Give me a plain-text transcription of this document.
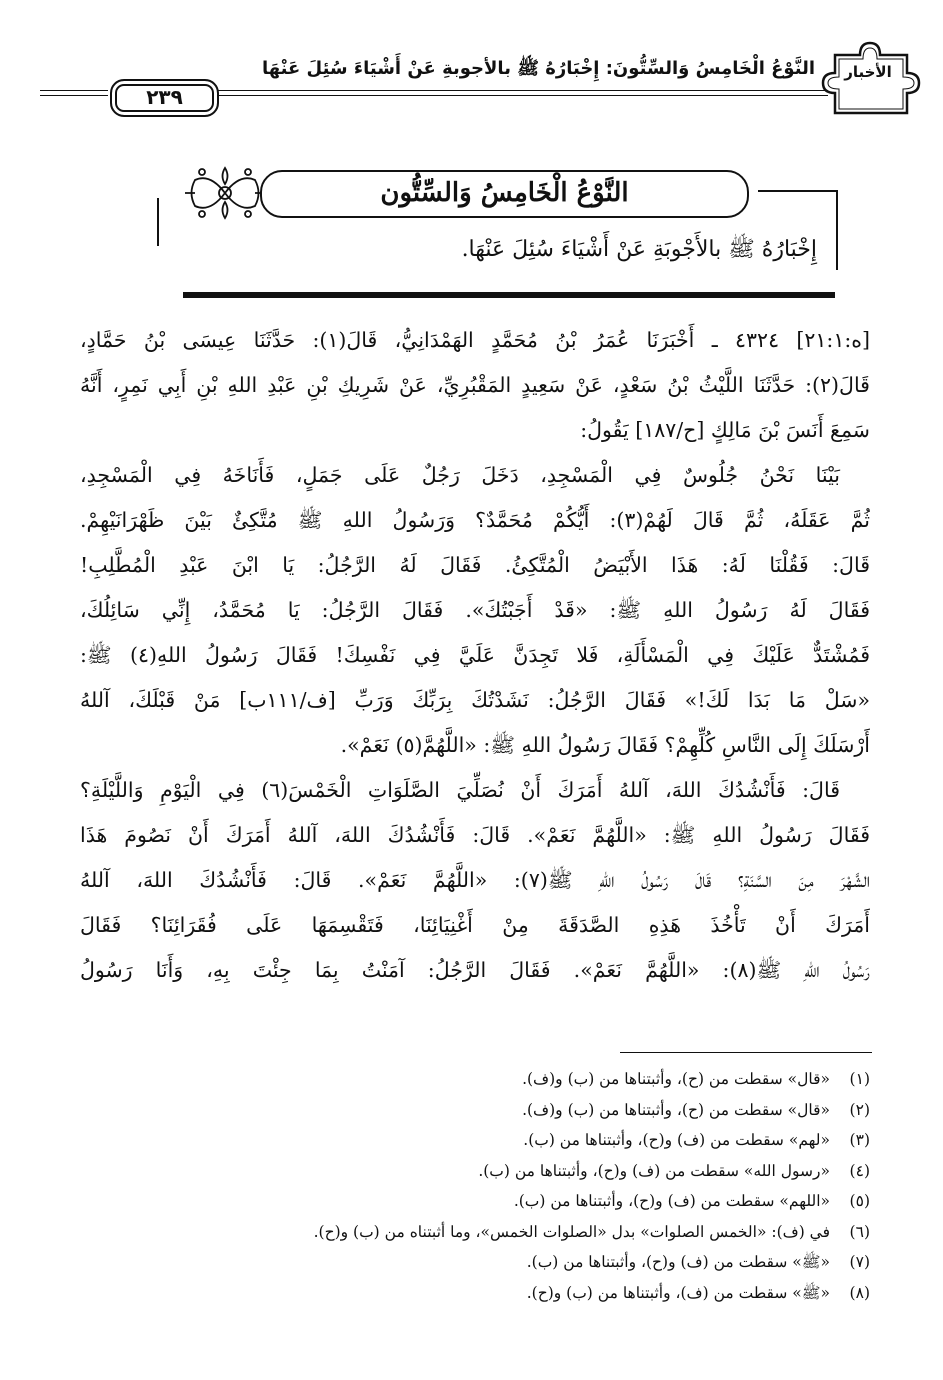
الأخبار
النَّوْعُ الْخَامِسُ وَالسِّتُّونَ: إِخْبَارُهُ ﷺ بالأجوبةِ عَنْ أَشْيَاءَ سُئِلَ عَنْهَا
٢٣٩
النَّوْعُ الْخَامِسُ وَالسِّتُّون
إِخْبَارُهُ ﷺ بالأَجْوبَةِ عَنْ أَشْيَاءَ سُئِلَ عَنْهَا.
[ه:٢١:١] ٤٣٢٤ ـ أَخْبَرَنَا عُمَرُ بْنُ مُحَمَّدٍ الهَمْدَانِيُّ، قَالَ(١): حَدَّثَنَا عِيسَى بْنُ حَمَّادٍ،
قَالَ(٢): حَدَّثَنَا اللَّيْثُ بْنُ سَعْدٍ، عَنْ سَعِيدٍ المَقْبُرِيِّ، عَنْ شَرِيكِ بْنِ عَبْدِ اللهِ بْنِ أَبِي نَمِرٍ، أَنَّهُ
سَمِعَ أَنَسَ بْنَ مَالِكٍ [ح/١٨٧] يَقُولُ:
بَيْنَا نَحْنُ جُلُوسٌ فِي الْمَسْجِدِ، دَخَلَ رَجُلٌ عَلَى جَمَلٍ، فَأَنَاخَهُ فِي الْمَسْجِدِ،
ثُمَّ عَقَلَهُ، ثُمَّ قَالَ لَهُمْ(٣): أَيُّكُمْ مُحَمَّدٌ؟ وَرَسُولُ اللهِ ﷺ مُتَّكِئٌ بَيْنَ ظَهْرَانَيْهِمْ.
قَالَ: فَقُلْنَا لَهُ: هَذَا الأَبْيَضُ الْمُتَّكِئُ. فَقَالَ لَهُ الرَّجُلُ: يَا ابْنَ عَبْدِ الْمُطَّلِبِ!
فَقَالَ لَهُ رَسُولُ اللهِ ﷺ: «قَدْ أَجَبْتُكَ». فَقَالَ الرَّجُلُ: يَا مُحَمَّدُ، إِنِّي سَائِلُكَ،
فَمُشْتَدٌّ عَلَيْكَ فِي الْمَسْأَلَةِ، فَلا تَجِدَنَّ عَلَيَّ فِي نَفْسِكَ! فَقَالَ رَسُولُ اللهِ(٤) ﷺ:
«سَلْ مَا بَدَا لَكَ!» فَقَالَ الرَّجُلُ: نَشَدْتُكَ بِرَبِّكَ وَرَبِّ [ف/١١١ب] مَنْ قَبْلَكَ، آللهُ
أَرْسَلَكَ إِلَى النَّاسِ كُلِّهِمْ؟ فَقَالَ رَسُولُ اللهِ ﷺ: «اللَّهُمَّ(٥) نَعَمْ».
قَالَ: فَأَنْشُدُكَ اللهَ، آللهُ أَمَرَكَ أَنْ نُصَلِّيَ الصَّلَوَاتِ الْخَمْسَ(٦) فِي الْيَوْمِ وَاللَّيْلَةِ؟
فَقَالَ رَسُولُ اللهِ ﷺ: «اللَّهُمَّ نَعَمْ». قَالَ: فَأَنْشُدُكَ اللهَ، آللهُ أَمَرَكَ أَنْ نَصُومَ هَذَا
الشَّهْرَ مِنَ السَّنَةِ؟ قَالَ رَسُولُ اللهِ ﷺ(٧): «اللَّهُمَّ نَعَمْ». قَالَ: فَأَنْشُدُكَ اللهَ، آللهُ
أَمَرَكَ أَنْ تَأْخُذَ هَذِهِ الصَّدَقَةَ مِنْ أَغْنِيَائِنَا، فَتَقْسِمَهَا عَلَى فُقَرَائِنَا؟ فَقَالَ
رَسُولُ اللهِ ﷺ(٨): «اللَّهُمَّ نَعَمْ». فَقَالَ الرَّجُلُ: آمَنْتُ بِمَا جِئْتَ بِهِ، وَأَنَا رَسُولُ
(١)«قال» سقطت من (ح)، وأثبتناها من (ب) و(ف).
(٢)«قال» سقطت من (ح)، وأثبتناها من (ب) و(ف).
(٣)«لهم» سقطت من (ف) و(ح)، وأثبتناها من (ب).
(٤)«رسول الله» سقطت من (ف) و(ح)، وأثبتناها من (ب).
(٥)«اللهم» سقطت من (ف) و(ح)، وأثبتناها من (ب).
(٦)في (ف): «الخمس الصلوات» بدل «الصلوات الخمس»، وما أثبتناه من (ب) و(ح).
(٧)«ﷺ» سقطت من (ف) و(ح)، وأثبتناها من (ب).
(٨)«ﷺ» سقطت من (ف)، وأثبتناها من (ب) و(ح).
